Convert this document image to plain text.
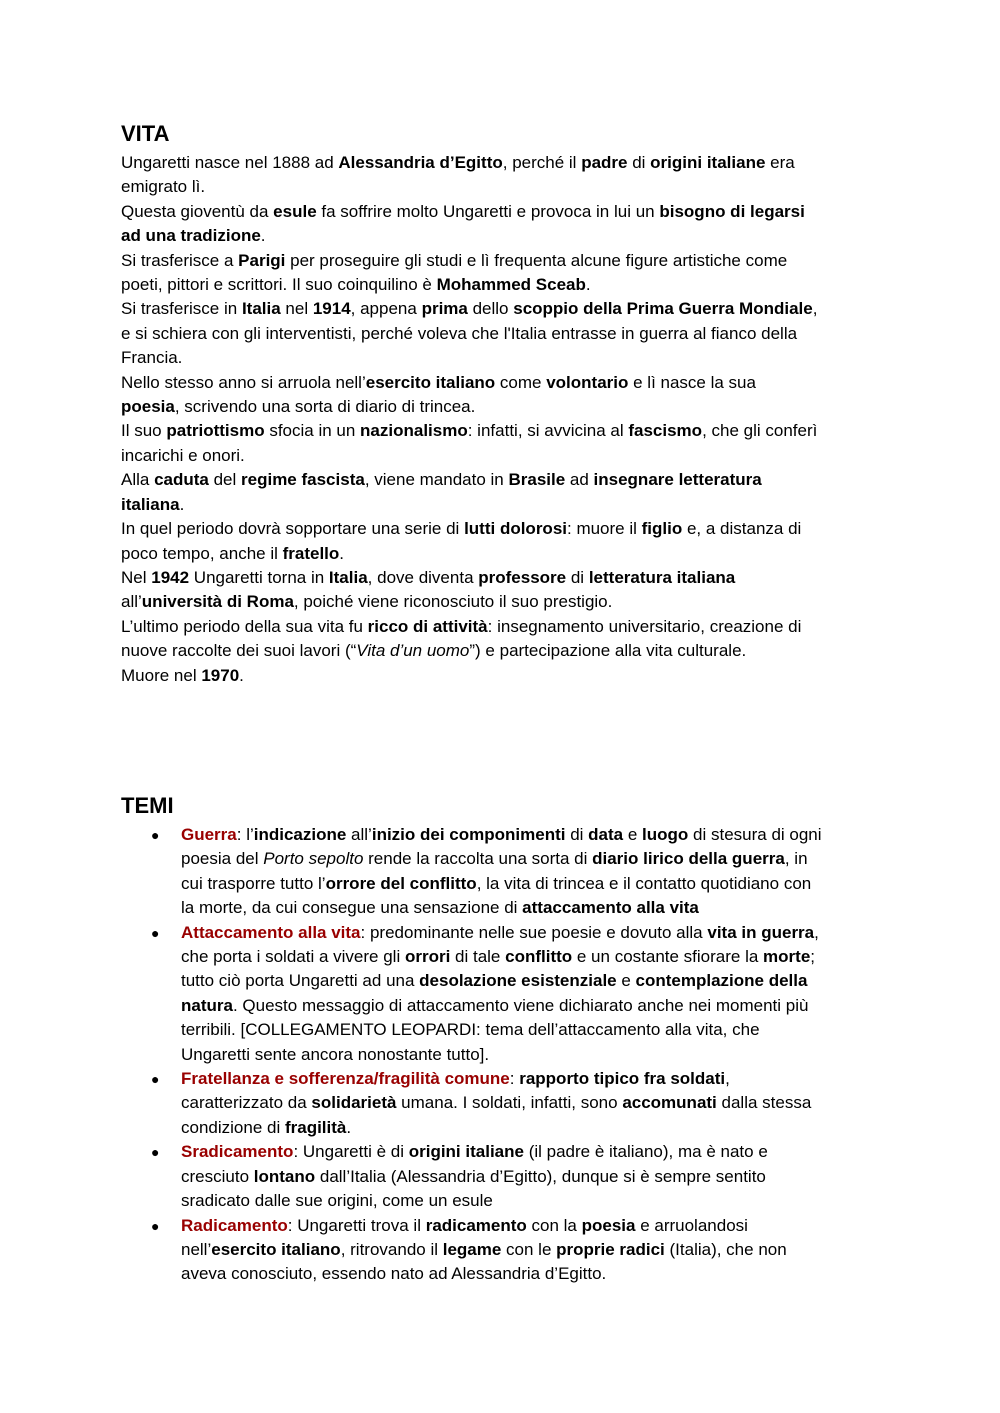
VITA
Ungaretti nasce nel 1888 ad Alessandria d’Egitto, perché il padre di origini italiane era
emigrato lì.
Questa gioventù da esule fa soffrire molto Ungaretti e provoca in lui un bisogno di legarsi
ad una tradizione.
Si trasferisce a Parigi per proseguire gli studi e lì frequenta alcune figure artistiche come
poeti, pittori e scrittori. Il suo coinquilino è Mohammed Sceab.
Si trasferisce in Italia nel 1914, appena prima dello scoppio della Prima Guerra Mondiale,
e si schiera con gli interventisti, perché voleva che l'Italia entrasse in guerra al fianco della
Francia.
Nello stesso anno si arruola nell’esercito italiano come volontario e lì nasce la sua
poesia, scrivendo una sorta di diario di trincea.
Il suo patriottismo sfocia in un nazionalismo: infatti, si avvicina al fascismo, che gli conferì
incarichi e onori.
Alla caduta del regime fascista, viene mandato in Brasile ad insegnare letteratura
italiana.
In quel periodo dovrà sopportare una serie di lutti dolorosi: muore il figlio e, a distanza di
poco tempo, anche il fratello.
Nel 1942 Ungaretti torna in Italia, dove diventa professore di letteratura italiana
all’università di Roma, poiché viene riconosciuto il suo prestigio.
L’ultimo periodo della sua vita fu ricco di attività: insegnamento universitario, creazione di
nuove raccolte dei suoi lavori (“Vita d’un uomo”) e partecipazione alla vita culturale.
Muore nel 1970.
TEMI
● Guerra: l’indicazione all’inizio dei componimenti di data e luogo di stesura di ogni
poesia del Porto sepolto rende la raccolta una sorta di diario lirico della guerra, in
cui trasporre tutto l’orrore del conflitto, la vita di trincea e il contatto quotidiano con
la morte, da cui consegue una sensazione di attaccamento alla vita
● Attaccamento alla vita: predominante nelle sue poesie e dovuto alla vita in guerra,
che porta i soldati a vivere gli orrori di tale conflitto e un costante sfiorare la morte;
tutto ciò porta Ungaretti ad una desolazione esistenziale e contemplazione della
natura. Questo messaggio di attaccamento viene dichiarato anche nei momenti più
terribili. [COLLEGAMENTO LEOPARDI: tema dell’attaccamento alla vita, che
Ungaretti sente ancora nonostante tutto].
● Fratellanza e sofferenza/fragilità comune: rapporto tipico fra soldati,
caratterizzato da solidarietà umana. I soldati, infatti, sono accomunati dalla stessa
condizione di fragilità.
● Sradicamento: Ungaretti è di origini italiane (il padre è italiano), ma è nato e
cresciuto lontano dall’Italia (Alessandria d’Egitto), dunque si è sempre sentito
sradicato dalle sue origini, come un esule
● Radicamento: Ungaretti trova il radicamento con la poesia e arruolandosi
nell’esercito italiano, ritrovando il legame con le proprie radici (Italia), che non
aveva conosciuto, essendo nato ad Alessandria d’Egitto.
